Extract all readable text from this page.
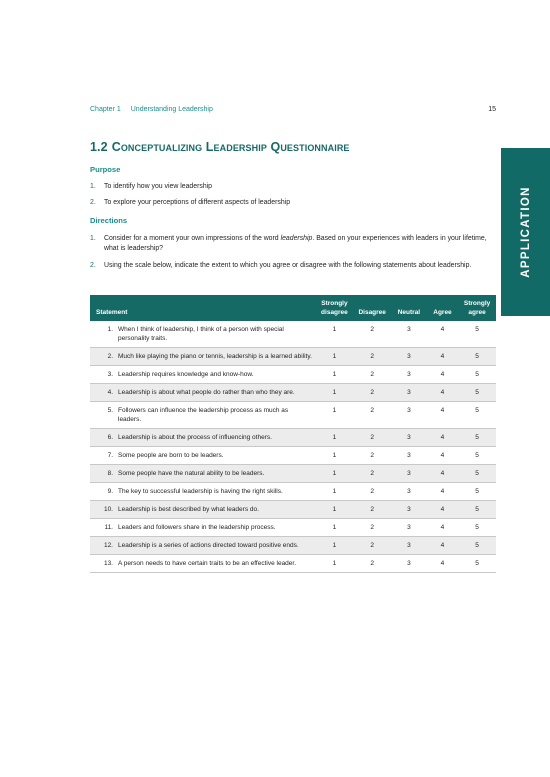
Chapter 1 Understanding Leadership	15
1.2 Conceptualizing Leadership Questionnaire
APPLICATION
Purpose
1. To identify how you view leadership
2. To explore your perceptions of different aspects of leadership
Directions
1. Consider for a moment your own impressions of the word leadership. Based on your experiences with leaders in your lifetime, what is leadership?
2. Using the scale below, indicate the extent to which you agree or disagree with the following statements about leadership.
Statement	Strongly disagree	Disagree	Neutral	Agree	Strongly agree

1. When I think of leadership, I think of a person with special personality traits.	1	2	3	4	5

2. Much like playing the piano or tennis, leadership is a learned ability.	1	2	3	4	5

3. Leadership requires knowledge and know-how.	1	2	3	4	5

4. Leadership is about what people do rather than who they are.	1	2	3	4	5

5. Followers can influence the leadership process as much as leaders.	1	2	3	4	5

6. Leadership is about the process of influencing others.	1	2	3	4	5

7. Some people are born to be leaders.	1	2	3	4	5

8. Some people have the natural ability to be leaders.	1	2	3	4	5

9. The key to successful leadership is having the right skills.	1	2	3	4	5

10. Leadership is best described by what leaders do.	1	2	3	4	5

11. Leaders and followers share in the leadership process.	1	2	3	4	5

12. Leadership is a series of actions directed toward positive ends.	1	2	3	4	5

13. A person needs to have certain traits to be an effective leader.	1	2	3	4	5
